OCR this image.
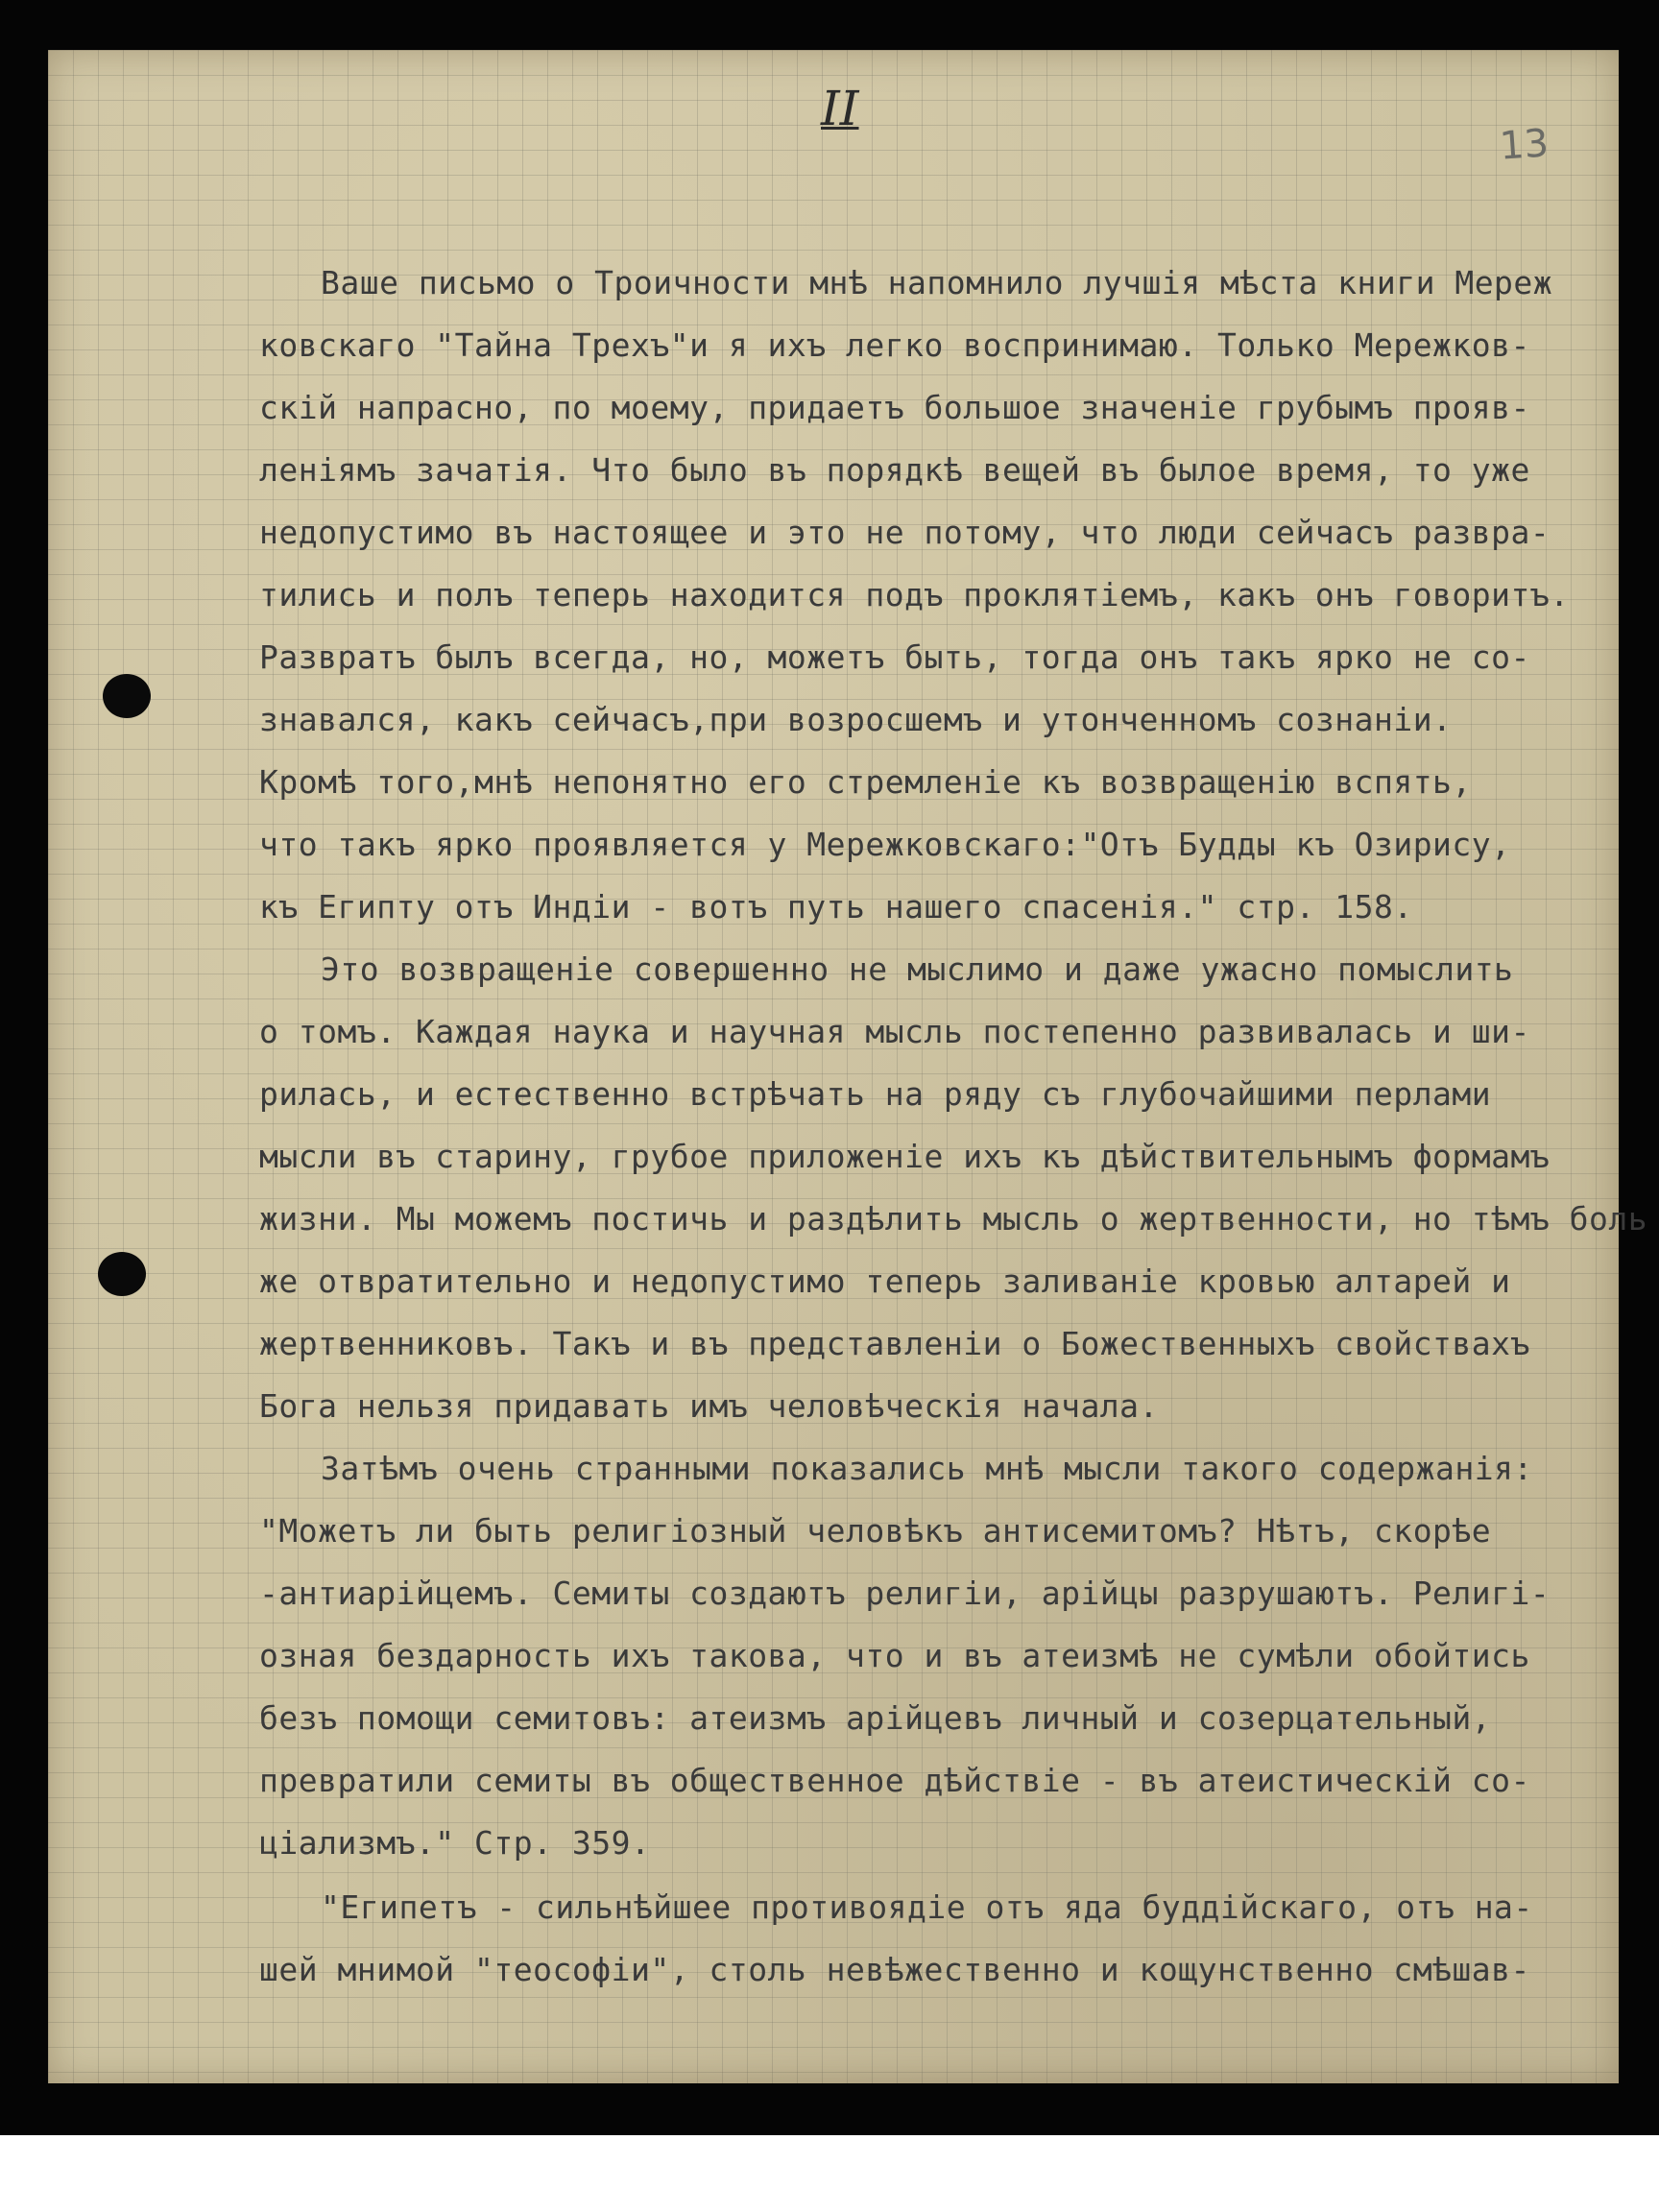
II
13
Ваше письмо о Троичности мнѣ напомнило лучшія мѣста книги Мереж
ковскаго "Тайна Трехъ"и я ихъ легко воспринимаю. Только Мережков-
скій напрасно, по моему, придаетъ большое значеніе грубымъ прояв-
леніямъ зачатія. Что было въ порядкѣ вещей въ былое время, то уже
недопустимо въ настоящее и это не потому, что люди сейчасъ развра-
тились и полъ теперь находится подъ проклятіемъ, какъ онъ говоритъ.
Развратъ былъ всегда, но, можетъ быть, тогда онъ такъ ярко не со-
знавался, какъ сейчасъ,при возросшемъ и утонченномъ сознаніи.
Кромѣ того,мнѣ непонятно его стремленіе къ возвращенію вспять,
что такъ ярко проявляется у Мережковскаго:"Отъ Будды къ Озирису,
къ Египту отъ Индіи - вотъ путь нашего спасенія." стр. 158.
Это возвращеніе совершенно не мыслимо и даже ужасно помыслить
о томъ. Каждая наука и научная мысль постепенно развивалась и ши-
рилась, и естественно встрѣчать на ряду съ глубочайшими перлами
мысли въ старину, грубое приложеніе ихъ къ дѣйствительнымъ формамъ
жизни. Мы можемъ постичь и раздѣлить мысль о жертвенности, но тѣмъ боль
же отвратительно и недопустимо теперь заливаніе кровью алтарей и
жертвенниковъ. Такъ и въ представленіи о Божественныхъ свойствахъ
Бога нельзя придавать имъ человѣческія начала.
Затѣмъ очень странными показались мнѣ мысли такого содержанія:
"Можетъ ли быть религіозный человѣкъ антисемитомъ? Нѣтъ, скорѣе
-антиарійцемъ. Семиты создаютъ религіи, арійцы разрушаютъ. Религі-
озная бездарность ихъ такова, что и въ атеизмѣ не сумѣли обойтись
безъ помощи семитовъ: атеизмъ арійцевъ личный и созерцательный,
превратили семиты въ общественное дѣйствіе - въ атеистическій со-
ціализмъ." Стр. 359.
"Египетъ - сильнѣйшее противоядіе отъ яда буддійскаго, отъ на-
шей мнимой "теософіи", столь невѣжественно и кощунственно смѣшав-
